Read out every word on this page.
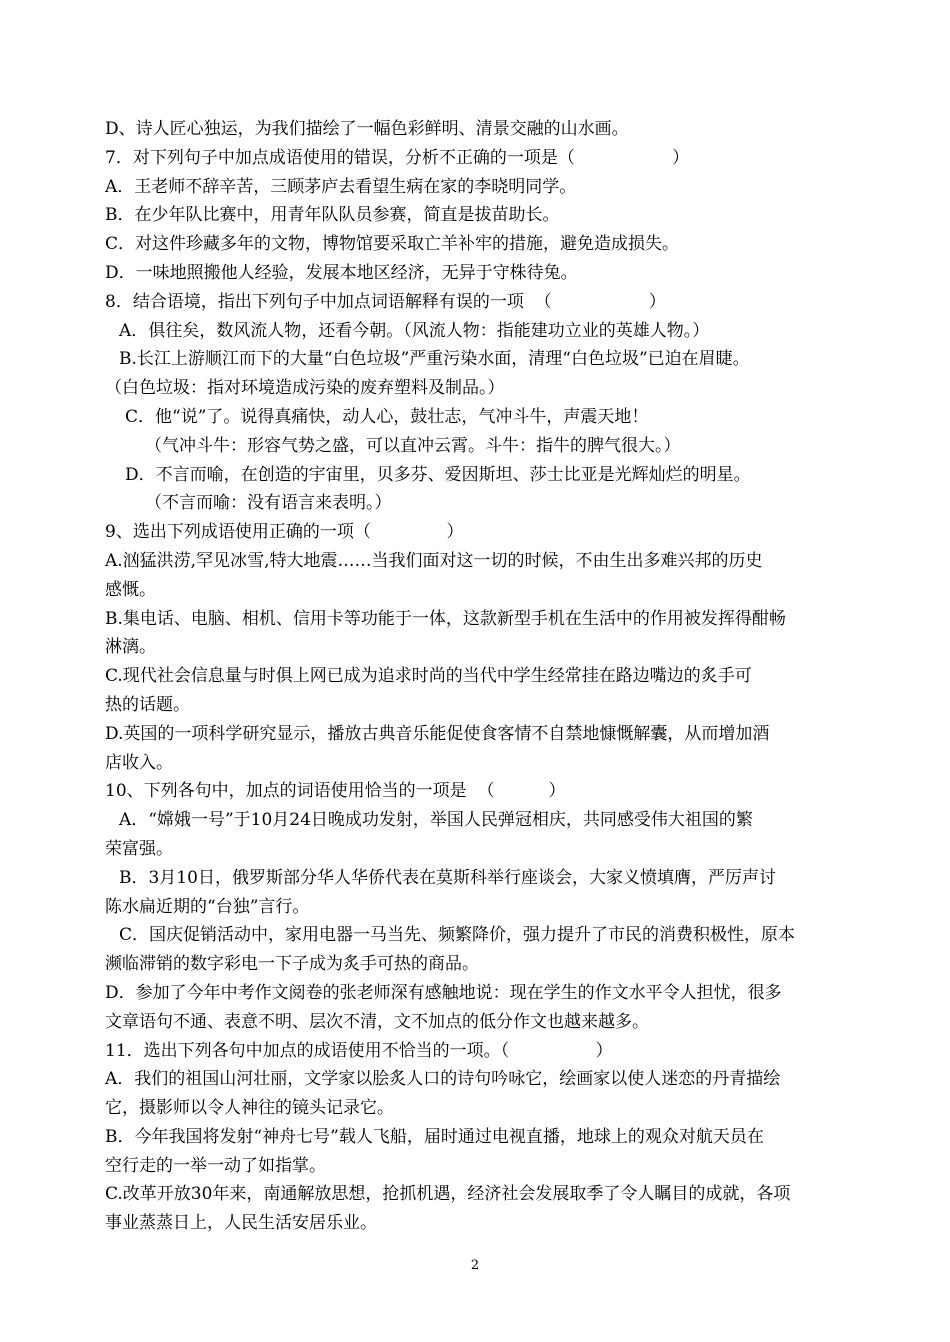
D、诗人匠心独运，为我们描绘了一幅色彩鲜明、清景交融的山水画。
7．对下列句子中加点成语使用的错误，分析不正确的一项是（                  ）
A．王老师不辞辛苦，三顾茅庐去看望生病在家的李晓明同学。
B．在少年队比赛中，用青年队队员参赛，简直是拔苗助长。
C．对这件珍藏多年的文物，博物馆要采取亡羊补牢的措施，避免造成损失。
D．一味地照搬他人经验，发展本地区经济，无异于守株待兔。
8．结合语境，指出下列句子中加点词语解释有误的一项  （                  ）
A．俱往矣，数风流人物，还看今朝。（风流人物：指能建功立业的英雄人物。）
B.长江上游顺江而下的大量“白色垃圾”严重污染水面，清理“白色垃圾”已迫在眉睫。
（白色垃圾：指对环境造成污染的废弃塑料及制品。）
C．他“说”了。说得真痛快，动人心，鼓壮志，气冲斗牛，声震天地！
（气冲斗牛：形容气势之盛，可以直冲云霄。斗牛：指牛的脾气很大。）
D．不言而喻，在创造的宇宙里，贝多芬、爱因斯坦、莎士比亚是光辉灿烂的明星。
（不言而喻：没有语言来表明。）
9、选出下列成语使用正确的一项（              ）
A.汹猛洪涝,罕见冰雪,特大地震……当我们面对这一切的时候，不由生出多难兴邦的历史
感慨。
B.集电话、电脑、相机、信用卡等功能于一体，这款新型手机在生活中的作用被发挥得酣畅
淋漓。
C.现代社会信息量与时俱上网已成为追求时尚的当代中学生经常挂在路边嘴边的炙手可
热的话题。
D.英国的一项科学研究显示，播放古典音乐能促使食客情不自禁地慷慨解囊，从而增加酒
店收入。
10、下列各句中，加点的词语使用恰当的一项是  （          ）
A．“嫦娥一号”于10月24日晚成功发射，举国人民弹冠相庆，共同感受伟大祖国的繁
荣富强。
B．3月10日，俄罗斯部分华人华侨代表在莫斯科举行座谈会，大家义愤填膺，严厉声讨
陈水扁近期的“台独”言行。
C．国庆促销活动中，家用电器一马当先、频繁降价，强力提升了市民的消费积极性，原本
濒临滞销的数字彩电一下子成为炙手可热的商品。
D．参加了今年中考作文阅卷的张老师深有感触地说：现在学生的作文水平令人担忧，很多
文章语句不通、表意不明、层次不清，文不加点的低分作文也越来越多。
11．选出下列各句中加点的成语使用不恰当的一项。（                ）
A．我们的祖国山河壮丽，文学家以脍炙人口的诗句吟咏它，绘画家以使人迷恋的丹青描绘
它，摄影师以令人神往的镜头记录它。
B．今年我国将发射“神舟七号”载人飞船，届时通过电视直播，地球上的观众对航天员在
空行走的一举一动了如指掌。
C.改革开放30年来，南通解放思想，抢抓机遇，经济社会发展取季了令人瞩目的成就，各项
事业蒸蒸日上，人民生活安居乐业。
2
